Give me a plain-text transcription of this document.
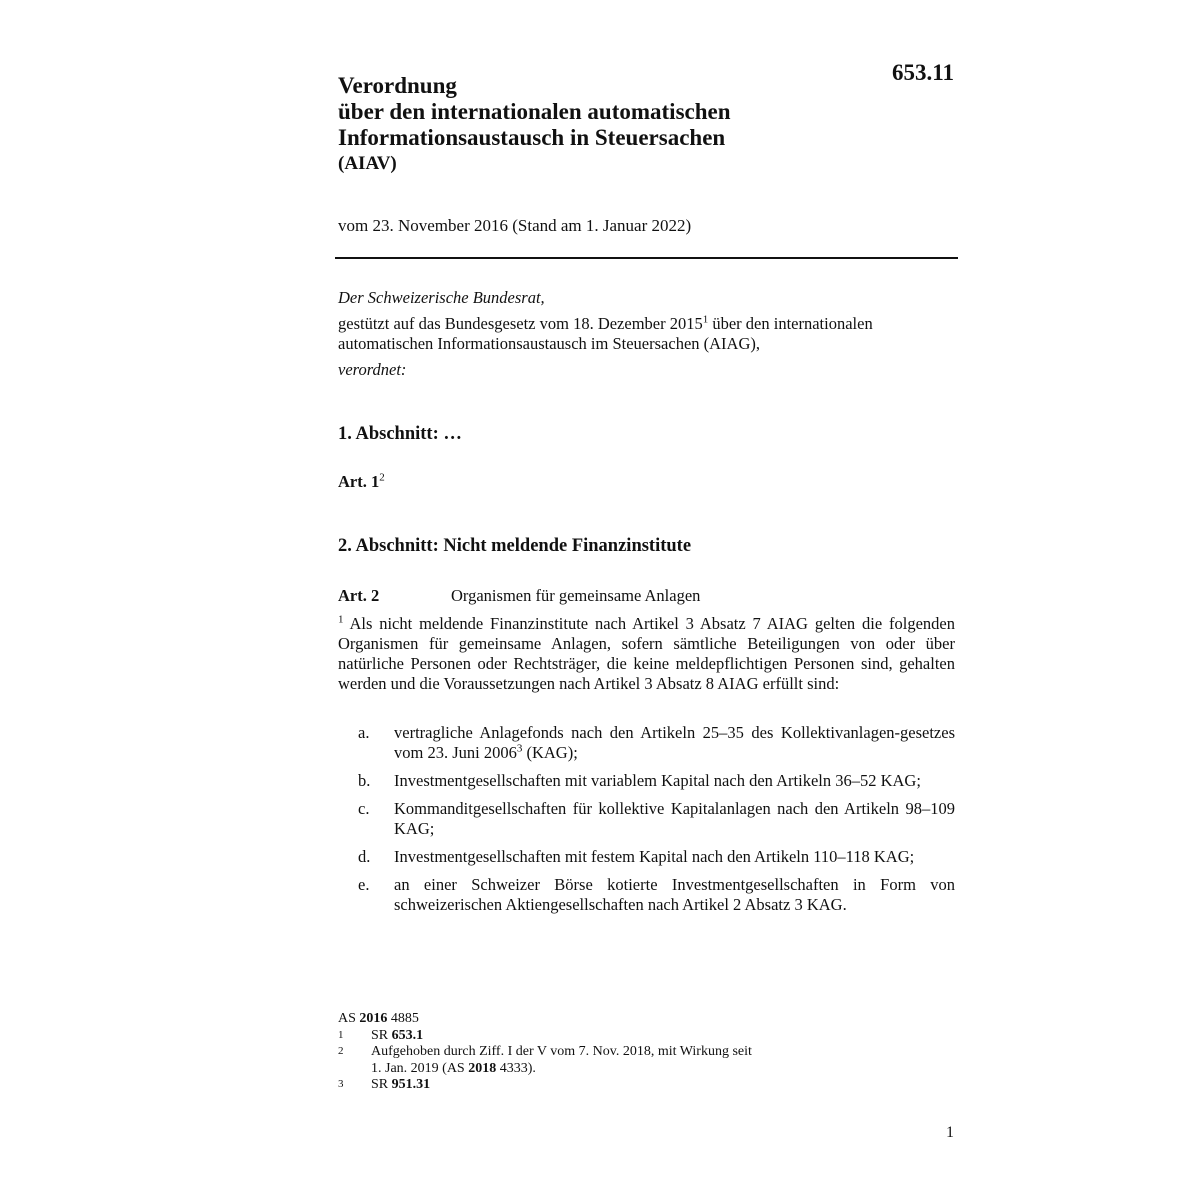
653.11
Verordnung
über den internationalen automatischen
Informationsaustausch in Steuersachen
(AIAV)
vom 23. November 2016 (Stand am 1. Januar 2022)
Der Schweizerische Bundesrat,
gestützt auf das Bundesgesetz vom 18. Dezember 2015$^1$ über den internationalen automatischen Informationsaustausch im Steuersachen (AIAG),
verordnet:
1. Abschnitt: …
Art. $1^2$
2. Abschnitt: Nicht meldende Finanzinstitute
Art. 2	Organismen für gemeinsame Anlagen
$^1$ Als nicht meldende Finanzinstitute nach Artikel 3 Absatz 7 AIAG gelten die folgenden Organismen für gemeinsame Anlagen, sofern sämtliche Beteiligungen von oder über natürliche Personen oder Rechtsträger, die keine meldepflichtigen Personen sind, gehalten werden und die Voraussetzungen nach Artikel 3 Absatz 8 AIAG erfüllt sind:
a.	vertragliche Anlagefonds nach den Artikeln 25–35 des Kollektivanlagen-gesetzes vom 23. Juni 2006$^3$ (KAG);
b.	Investmentgesellschaften mit variablem Kapital nach den Artikeln 36–52 KAG;
c.	Kommanditgesellschaften für kollektive Kapitalanlagen nach den Artikeln 98–109 KAG;
d.	Investmentgesellschaften mit festem Kapital nach den Artikeln 110–118 KAG;
e.	an einer Schweizer Börse kotierte Investmentgesellschaften in Form von schweizerischen Aktiengesellschaften nach Artikel 2 Absatz 3 KAG.
AS 2016 4885
1	SR 653.1
2	Aufgehoben durch Ziff. I der V vom 7. Nov. 2018, mit Wirkung seit
1. Jan. 2019 (AS 2018 4333).
3	SR 951.31
1
